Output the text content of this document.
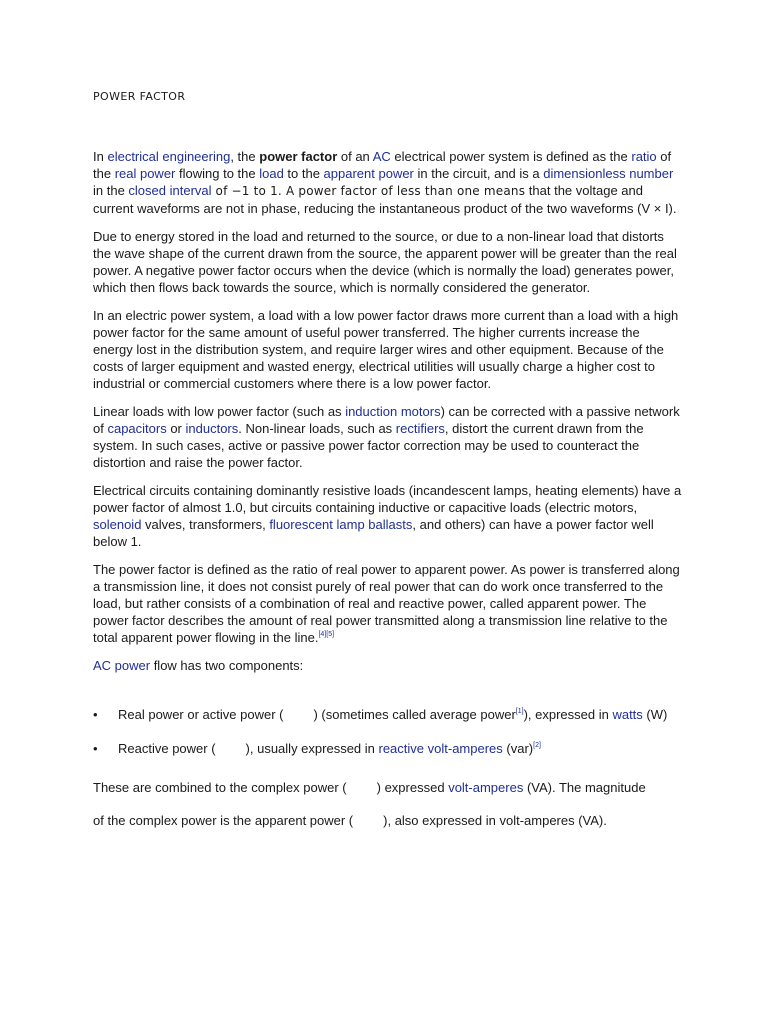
POWER FACTOR

In electrical engineering, the power factor of an AC electrical power system is defined as the ratio of the real power flowing to the load to the apparent power in the circuit, and is a dimensionless number in the closed interval of −1 to 1. A power factor of less than one means that the voltage and current waveforms are not in phase, reducing the instantaneous product of the two waveforms (V × I).

Due to energy stored in the load and returned to the source, or due to a non-linear load that distorts the wave shape of the current drawn from the source, the apparent power will be greater than the real power. A negative power factor occurs when the device (which is normally the load) generates power, which then flows back towards the source, which is normally considered the generator.

In an electric power system, a load with a low power factor draws more current than a load with a high power factor for the same amount of useful power transferred. The higher currents increase the energy lost in the distribution system, and require larger wires and other equipment. Because of the costs of larger equipment and wasted energy, electrical utilities will usually charge a higher cost to industrial or commercial customers where there is a low power factor.

Linear loads with low power factor (such as induction motors) can be corrected with a passive network of capacitors or inductors. Non-linear loads, such as rectifiers, distort the current drawn from the system. In such cases, active or passive power factor correction may be used to counteract the distortion and raise the power factor.

Electrical circuits containing dominantly resistive loads (incandescent lamps, heating elements) have a power factor of almost 1.0, but circuits containing inductive or capacitive loads (electric motors, solenoid valves, transformers, fluorescent lamp ballasts, and others) can have a power factor well below 1.

The power factor is defined as the ratio of real power to apparent power. As power is transferred along a transmission line, it does not consist purely of real power that can do work once transferred to the load, but rather consists of a combination of real and reactive power, called apparent power. The power factor describes the amount of real power transmitted along a transmission line relative to the total apparent power flowing in the line.[4][5]

AC power flow has two components:

• Real power or active power ( ) (sometimes called average power[1]), expressed in watts (W)
• Reactive power ( ), usually expressed in reactive volt-amperes (var)[2]

These are combined to the complex power ( ) expressed volt-amperes (VA). The magnitude

of the complex power is the apparent power ( ), also expressed in volt-amperes (VA).
